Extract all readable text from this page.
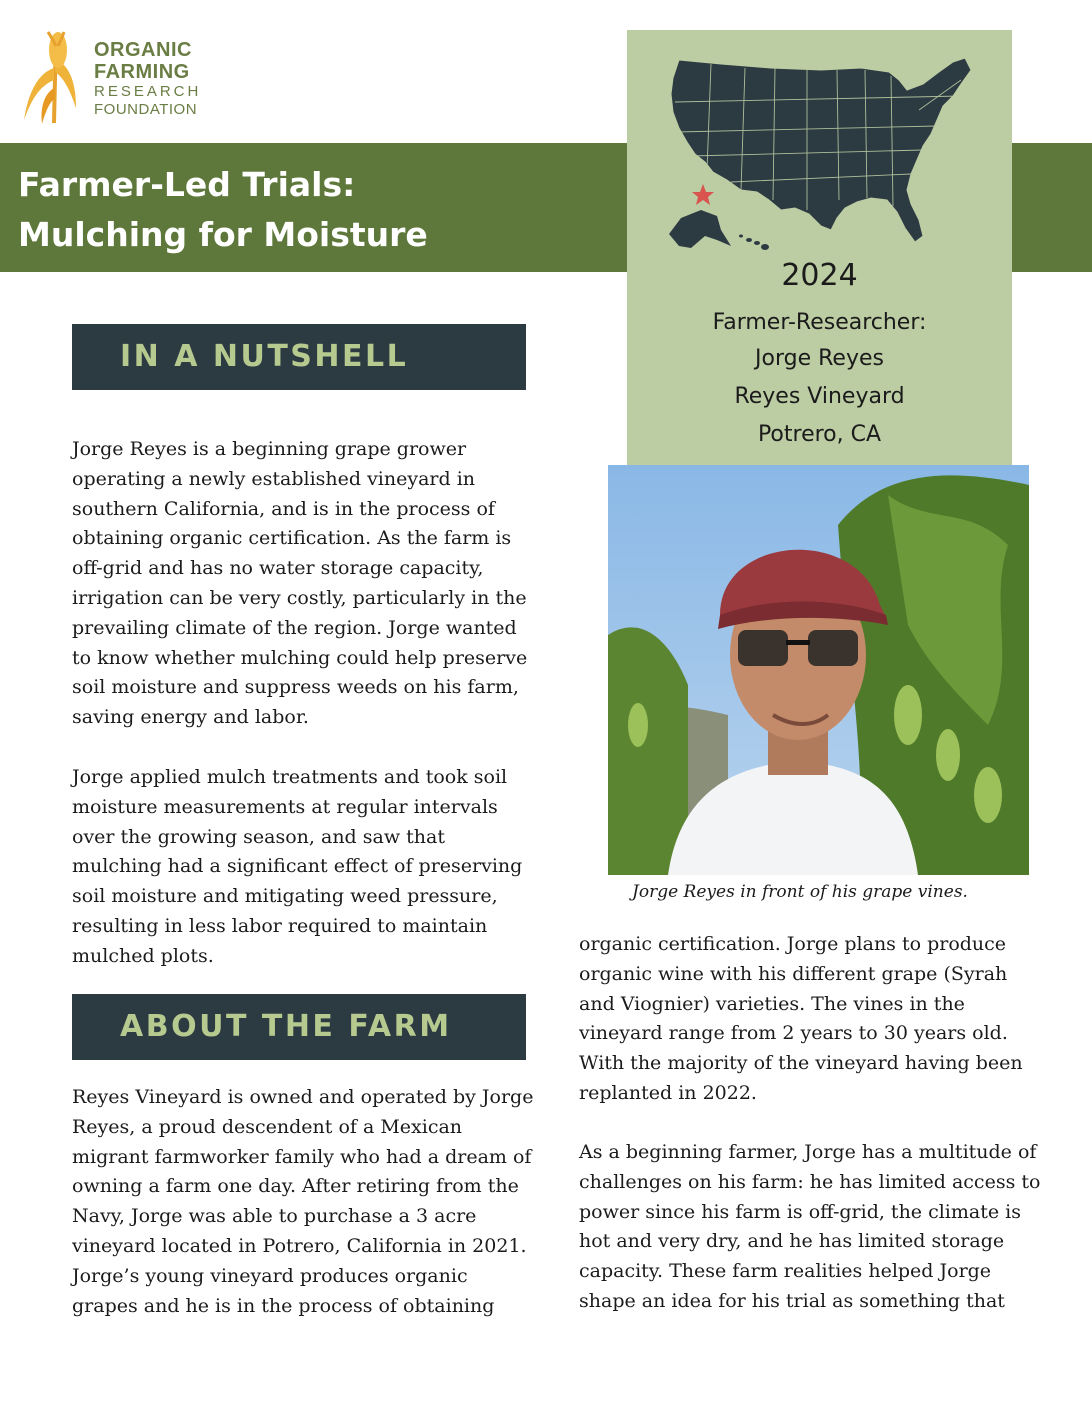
ORGANIC
FARMING
RESEARCH
FOUNDATION
Farmer-Led Trials:
Mulching for Moisture
2024
Farmer-Researcher:
Jorge Reyes
Reyes Vineyard
Potrero, CA
IN A NUTSHELL
Jorge Reyes is a beginning grape grower operating a newly established vineyard in southern California, and is in the process of obtaining organic certification. As the farm is off-grid and has no water storage capacity, irrigation can be very costly, particularly in the prevailing climate of the region. Jorge wanted to know whether mulching could help preserve soil moisture and suppress weeds on his farm, saving energy and labor.
Jorge applied mulch treatments and took soil moisture measurements at regular intervals over the growing season, and saw that mulching had a significant effect of preserving soil moisture and mitigating weed pressure, resulting in less labor required to maintain mulched plots.
ABOUT THE FARM
Reyes Vineyard is owned and operated by Jorge Reyes, a proud descendent of a Mexican migrant farmworker family who had a dream of owning a farm one day. After retiring from the Navy, Jorge was able to purchase a 3 acre vineyard located in Potrero, California in 2021. Jorge’s young vineyard produces organic grapes and he is in the process of obtaining
Jorge Reyes in front of his grape vines.
organic certification. Jorge plans to produce organic wine with his different grape (Syrah and Viognier) varieties. The vines in the vineyard range from 2 years to 30 years old. With the majority of the vineyard having been replanted in 2022.
As a beginning farmer, Jorge has a multitude of challenges on his farm: he has limited access to power since his farm is off-grid, the climate is hot and very dry, and he has limited storage capacity. These farm realities helped Jorge shape an idea for his trial as something that
